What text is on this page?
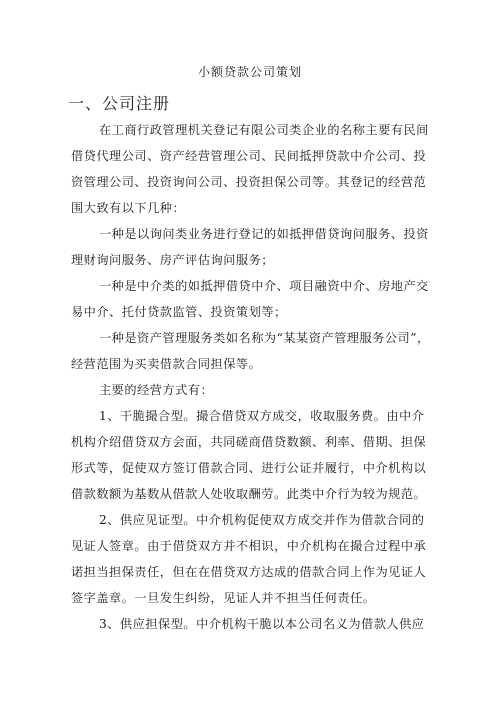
小额贷款公司策划
一、公司注册

在工商行政管理机关登记有限公司类企业的名称主要有民间借贷代理公司、资产经营管理公司、民间抵押贷款中介公司、投资管理公司、投资询问公司、投资担保公司等。其登记的经营范围大致有以下几种：

一种是以询问类业务进行登记的如抵押借贷询问服务、投资理财询问服务、房产评估询问服务；

一种是中介类的如抵押借贷中介、项目融资中介、房地产交易中介、托付贷款监管、投资策划等；

一种是资产管理服务类如名称为“某某资产管理服务公司”，经营范围为买卖借款合同担保等。

主要的经营方式有：

1、干脆撮合型。撮合借贷双方成交，收取服务费。由中介机构介绍借贷双方会面，共同磋商借贷数额、利率、借期、担保形式等，促使双方签订借款合同、进行公证并履行，中介机构以借款数额为基数从借款人处收取酬劳。此类中介行为较为规范。

2、供应见证型。中介机构促使双方成交并作为借款合同的见证人签章。由于借贷双方并不相识，中介机构在撮合过程中承诺担当担保责任，但在在借贷双方达成的借款合同上作为见证人签字盖章。一旦发生纠纷，见证人并不担当任何责任。

3、供应担保型。中介机构干脆以本公司名义为借款人供应
